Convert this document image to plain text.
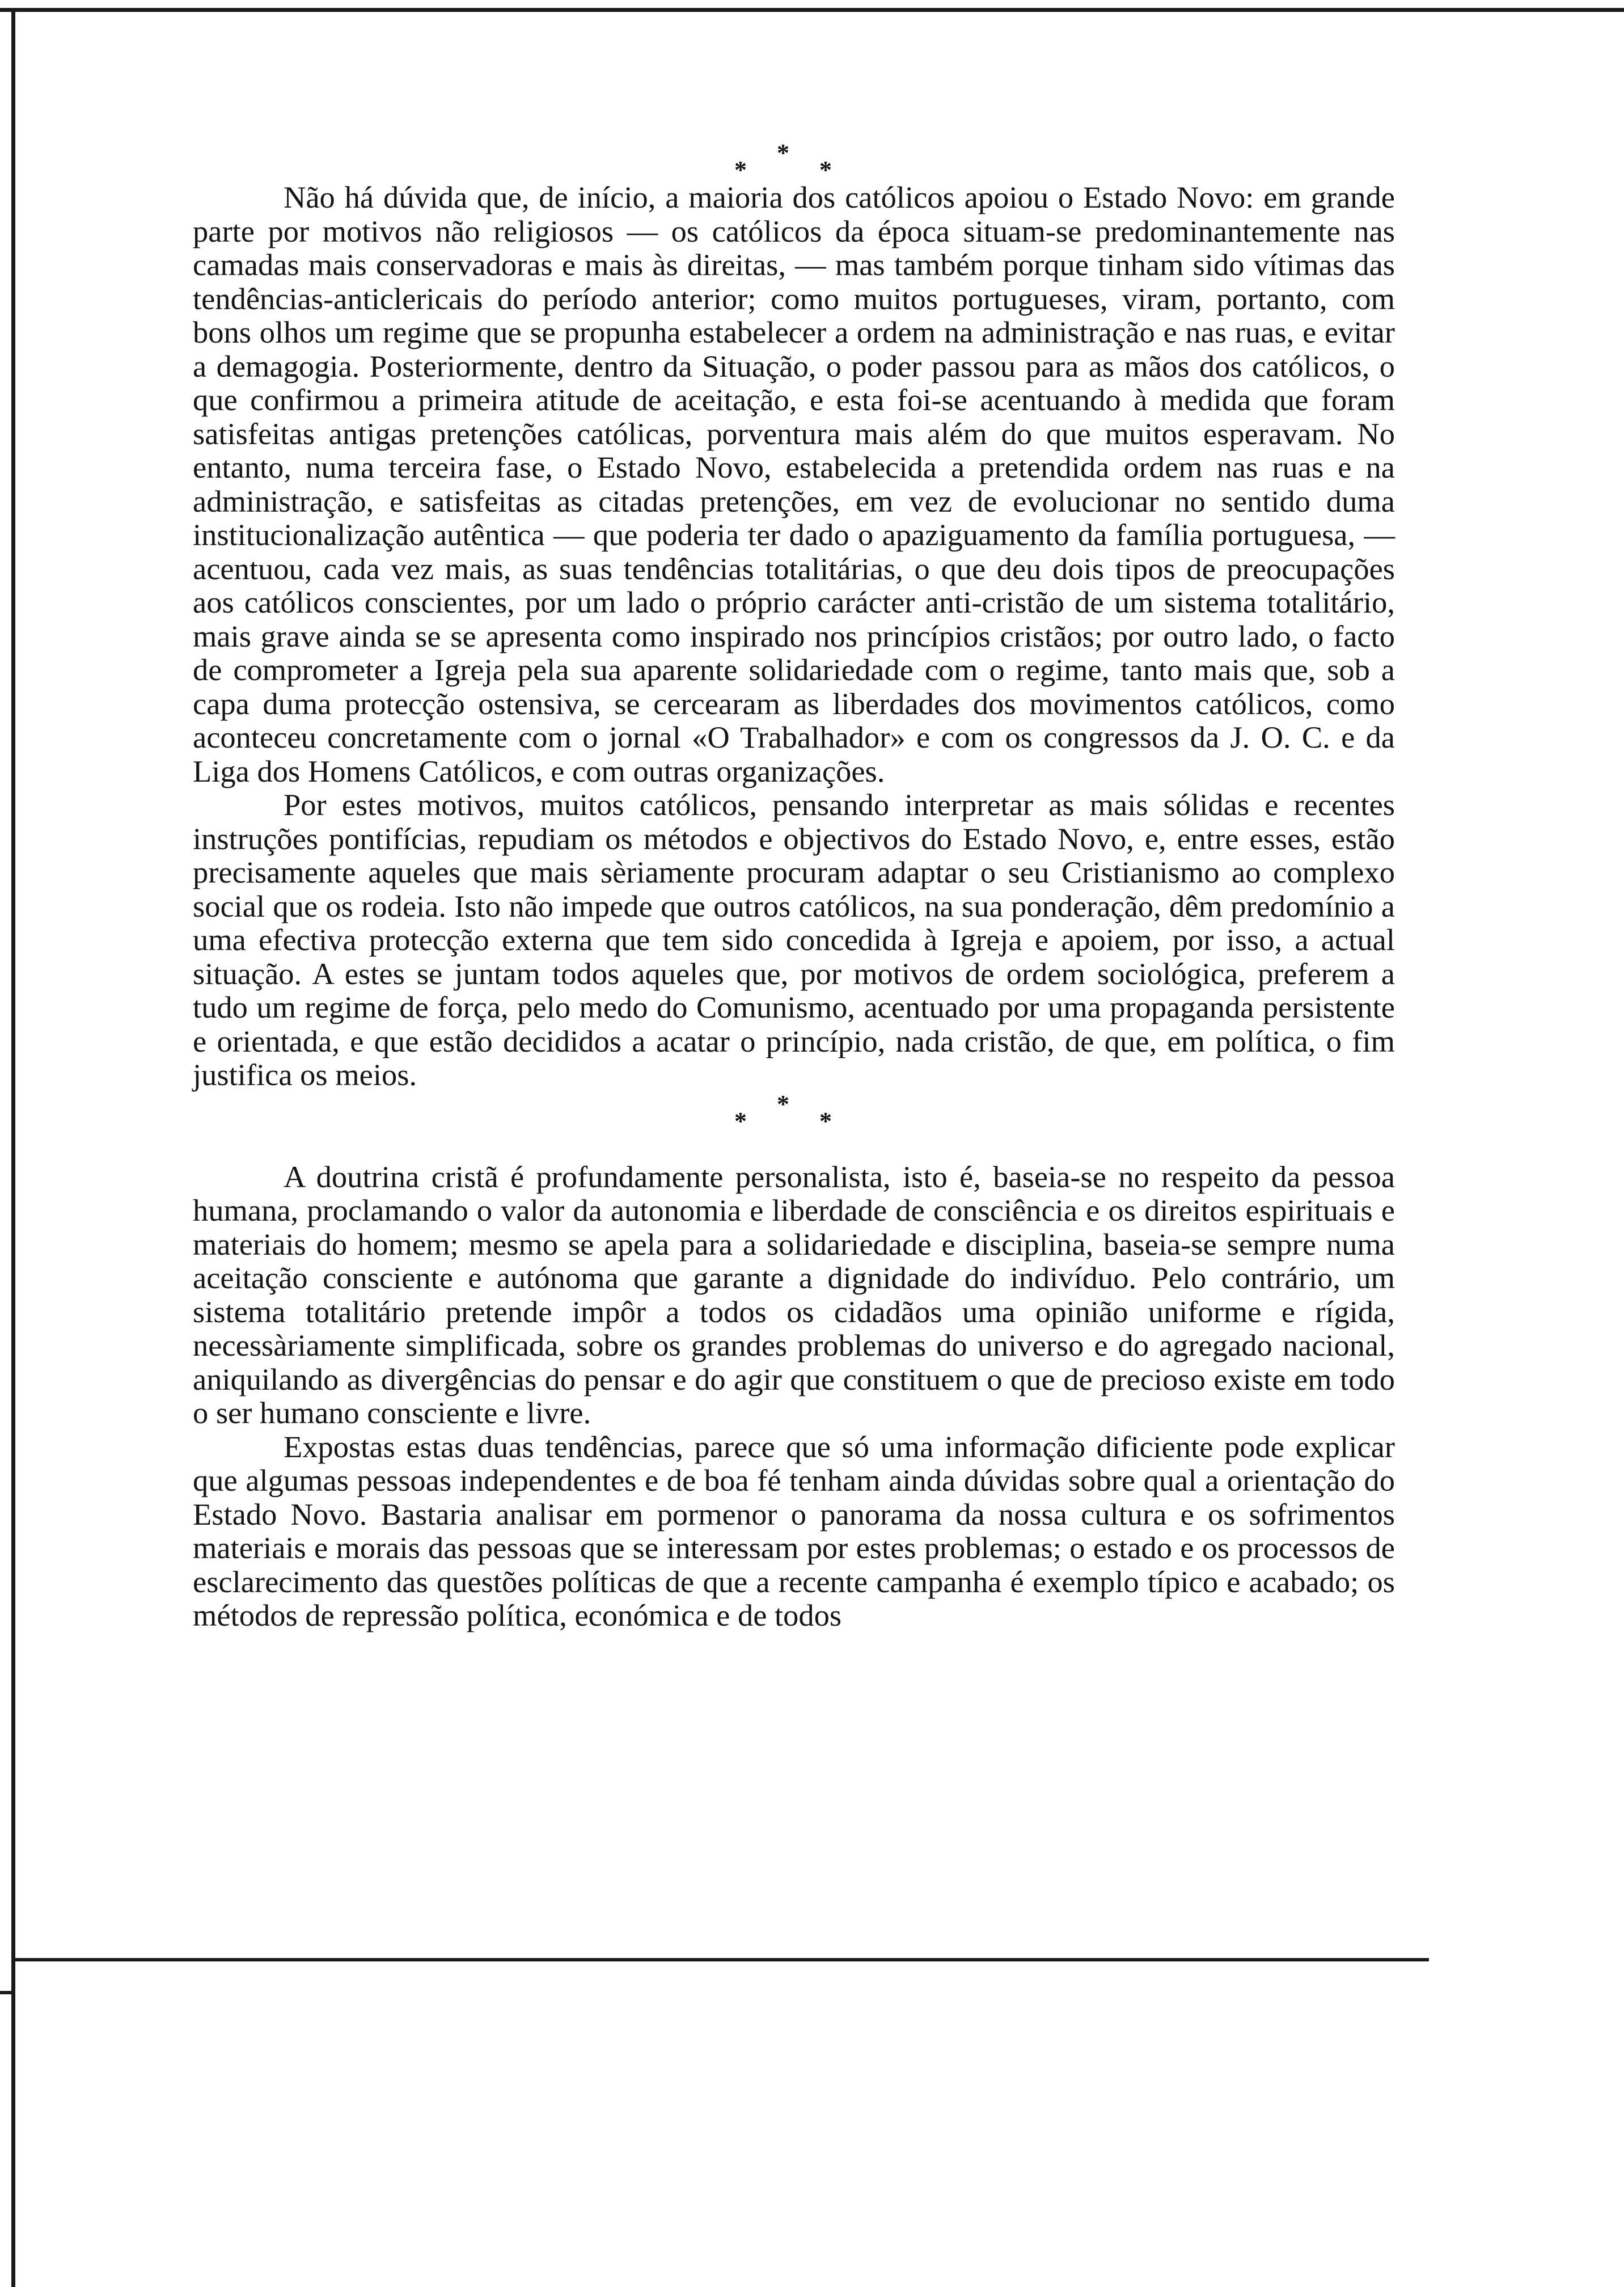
*
*	*

Não há dúvida que, de início, a maioria dos católicos apoiou o Estado Novo: em grande parte por motivos não religiosos — os católicos da época situam-se predominantemente nas camadas mais conservadoras e mais às direitas, — mas também porque tinham sido vítimas das tendências-anticlericais do período anterior; como muitos portugueses, viram, portanto, com bons olhos um regime que se propunha estabelecer a ordem na administração e nas ruas, e evitar a demagogia. Posteriormente, dentro da Situação, o poder passou para as mãos dos católicos, o que confirmou a primeira atitude de aceitação, e esta foi-se acentuando à medida que foram satisfeitas antigas pretenções católicas, porventura mais além do que muitos esperavam. No entanto, numa terceira fase, o Estado Novo, estabelecida a pretendida ordem nas ruas e na administração, e satisfeitas as citadas pretenções, em vez de evolucionar no sentido duma institucionalização autêntica — que poderia ter dado o apaziguamento da família portuguesa, — acentuou, cada vez mais, as suas tendências totalitárias, o que deu dois tipos de preocupações aos católicos conscientes, por um lado o próprio carácter anti-cristão de um sistema totalitário, mais grave ainda se se apresenta como inspirado nos princípios cristãos; por outro lado, o facto de comprometer a Igreja pela sua aparente solidariedade com o regime, tanto mais que, sob a capa duma protecção ostensiva, se cercearam as liberdades dos movimentos católicos, como aconteceu concretamente com o jornal «O Trabalhador» e com os congressos da J. O. C. e da Liga dos Homens Católicos, e com outras organizações.

Por estes motivos, muitos católicos, pensando interpretar as mais sólidas e recentes instruções pontifícias, repudiam os métodos e objectivos do Estado Novo, e, entre esses, estão precisamente aqueles que mais sèriamente procuram adaptar o seu Cristianismo ao complexo social que os rodeia. Isto não impede que outros católicos, na sua ponderação, dêm predomínio a uma efectiva protecção externa que tem sido concedida à Igreja e apoiem, por isso, a actual situação. A estes se juntam todos aqueles que, por motivos de ordem sociológica, preferem a tudo um regime de força, pelo medo do Comunismo, acentuado por uma propaganda persistente e orientada, e que estão decididos a acatar o princípio, nada cristão, de que, em política, o fim justifica os meios.

*
*	*

A doutrina cristã é profundamente personalista, isto é, baseia-se no respeito da pessoa humana, proclamando o valor da autonomia e liberdade de consciência e os direitos espirituais e materiais do homem; mesmo se apela para a solidariedade e disciplina, baseia-se sempre numa aceitação consciente e autónoma que garante a dignidade do indivíduo. Pelo contrário, um sistema totalitário pretende impôr a todos os cidadãos uma opinião uniforme e rígida, necessàriamente simplificada, sobre os grandes problemas do universo e do agregado nacional, aniquilando as divergências do pensar e do agir que constituem o que de precioso existe em todo o ser humano consciente e livre.

Expostas estas duas tendências, parece que só uma informação dificiente pode explicar que algumas pessoas independentes e de boa fé tenham ainda dúvidas sobre qual a orientação do Estado Novo. Bastaria analisar em pormenor o panorama da nossa cultura e os sofrimentos materiais e morais das pessoas que se interessam por estes problemas; o estado e os processos de esclarecimento das questões políticas de que a recente campanha é exemplo típico e acabado; os métodos de repressão política, económica e de todos
